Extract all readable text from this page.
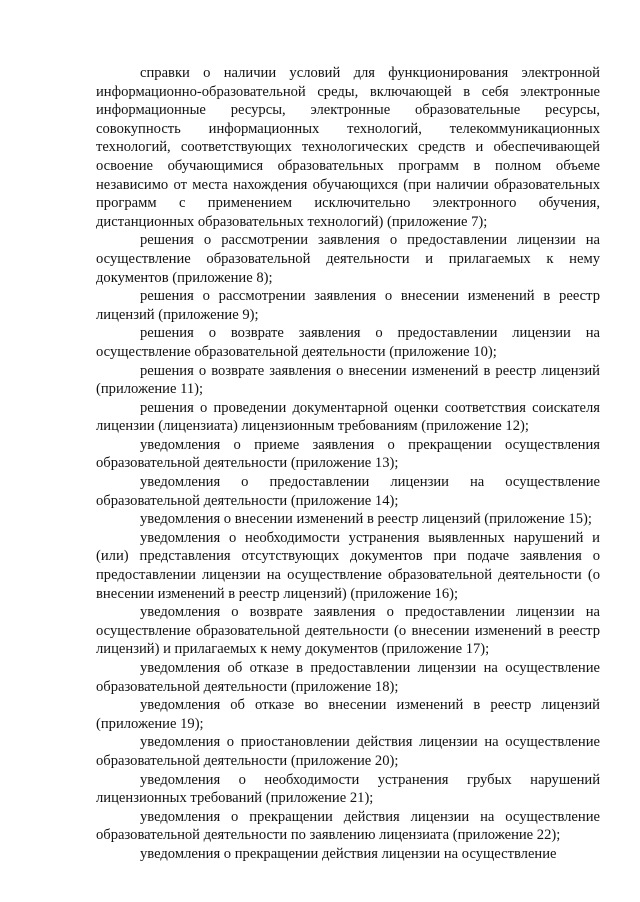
справки о наличии условий для функционирования электронной информационно-образовательной среды, включающей в себя электронные информационные ресурсы, электронные образовательные ресурсы, совокупность информационных технологий, телекоммуникационных технологий, соответствующих технологических средств и обеспечивающей освоение обучающимися образовательных программ в полном объеме независимо от места нахождения обучающихся (при наличии образовательных программ с применением исключительно электронного обучения, дистанционных образовательных технологий) (приложение 7);

решения о рассмотрении заявления о предоставлении лицензии на осуществление образовательной деятельности и прилагаемых к нему документов (приложение 8);

решения о рассмотрении заявления о внесении изменений в реестр лицензий (приложение 9);

решения о возврате заявления о предоставлении лицензии на осуществление образовательной деятельности (приложение 10);

решения о возврате заявления о внесении изменений в реестр лицензий (приложение 11);

решения о проведении документарной оценки соответствия соискателя лицензии (лицензиата) лицензионным требованиям (приложение 12);

уведомления о приеме заявления о прекращении осуществления образовательной деятельности (приложение 13);

уведомления о предоставлении лицензии на осуществление образовательной деятельности (приложение 14);

уведомления о внесении изменений в реестр лицензий (приложение 15);

уведомления о необходимости устранения выявленных нарушений и (или) представления отсутствующих документов при подаче заявления о предоставлении лицензии на осуществление образовательной деятельности (о внесении изменений в реестр лицензий) (приложение 16);

уведомления о возврате заявления о предоставлении лицензии на осуществление образовательной деятельности (о внесении изменений в реестр лицензий) и прилагаемых к нему документов (приложение 17);

уведомления об отказе в предоставлении лицензии на осуществление образовательной деятельности (приложение 18);

уведомления об отказе во внесении изменений в реестр лицензий (приложение 19);

уведомления о приостановлении действия лицензии на осуществление образовательной деятельности (приложение 20);

уведомления о необходимости устранения грубых нарушений лицензионных требований (приложение 21);

уведомления о прекращении действия лицензии на осуществление образовательной деятельности по заявлению лицензиата (приложение 22);

уведомления о прекращении действия лицензии на осуществление
